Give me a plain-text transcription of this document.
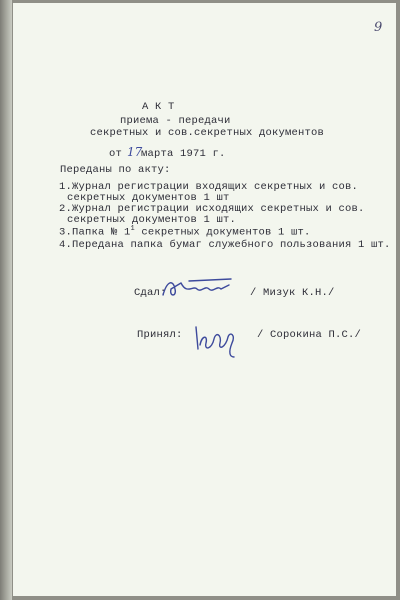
9
А К Т
приема - передачи
секретных и сов.секретных документов
от 17
марта 1971 г.
Переданы по акту:
1.Журнал регистрации входящих секретных и сов.
секретных документов 1 шт
2.Журнал регистрации исходящих секретных и сов.
секретных документов 1 шт.
3.Папка № $1^1$ секретных документов 1 шт.
4.Передана папка бумаг служебного пользования 1 шт.
Сдал:	/ Мизук К.Н./
Принял:	/ Сорокина П.С./
